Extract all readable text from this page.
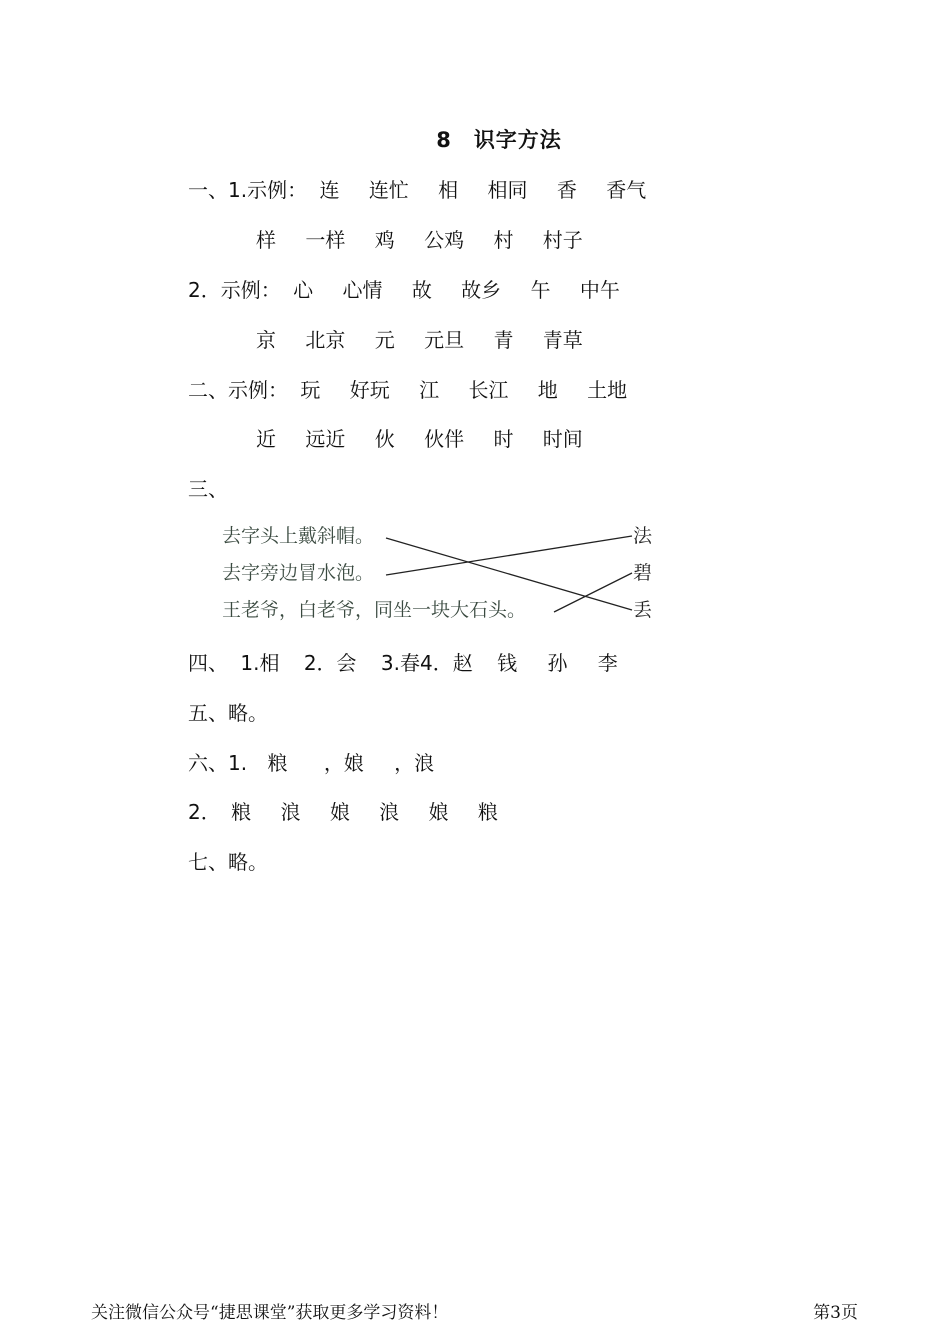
8 识字方法
一、1.示例： 连 连忙 相 相同 香 香气
样 一样 鸡 公鸡 村 村子
2．示例： 心 心情 故 故乡 午 中午
京 北京 元 元旦 青 青草
二、示例： 玩 好玩 江 长江 地 土地
近 远近 伙 伙伴 时 时间
三、
去字头上戴斜帽。
去字旁边冒水泡。
王老爷，白老爷，同坐一块大石头。
法
碧
丢
四、 1.相 2．会 3.春4．赵 钱 孙 李
五、略。
六、1. 粮 ，娘 ，浪
2． 粮 浪 娘 浪 娘 粮
七、略。
关注微信公众号“捷思课堂”获取更多学习资料！	第3页
